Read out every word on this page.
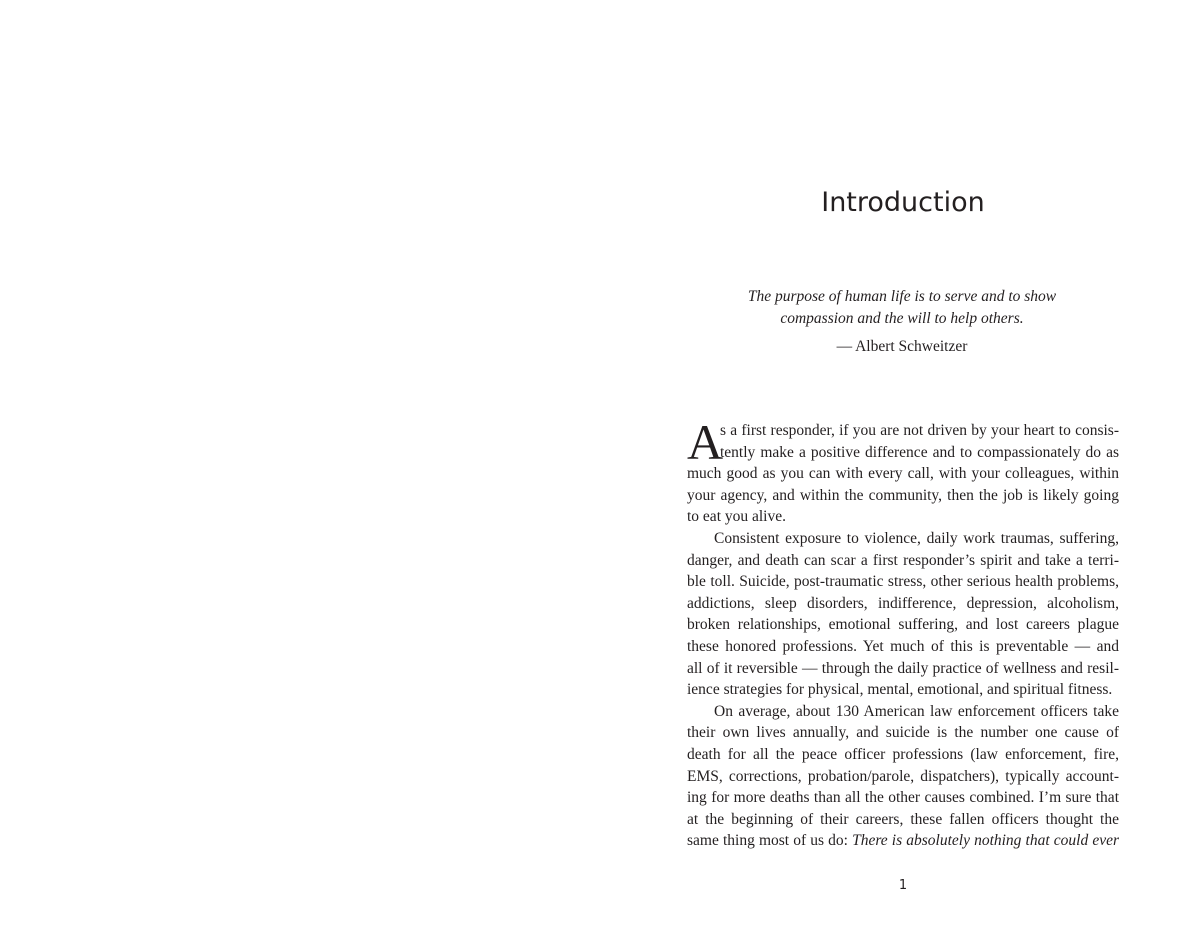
Introduction

The purpose of human life is to serve and to show
compassion and the will to help others.

— Albert Schweitzer

A
s a first responder, if you are not driven by your heart to consis-
tently make a positive difference and to compassionately do as
much good as you can with every call, with your colleagues, within
your agency, and within the community, then the job is likely going
to eat you alive.
Consistent exposure to violence, daily work traumas, suffering,
danger, and death can scar a first responder’s spirit and take a terri-
ble toll. Suicide, post-traumatic stress, other serious health problems,
addictions, sleep disorders, indifference, depression, alcoholism,
broken relationships, emotional suffering, and lost careers plague
these honored professions. Yet much of this is preventable — and
all of it reversible — through the daily practice of wellness and resil-
ience strategies for physical, mental, emotional, and spiritual fitness.
On average, about 130 American law enforcement officers take
their own lives annually, and suicide is the number one cause of
death for all the peace officer professions (law enforcement, fire,
EMS, corrections, probation/parole, dispatchers), typically account-
ing for more deaths than all the other causes combined. I’m sure that
at the beginning of their careers, these fallen officers thought the
same thing most of us do: There is absolutely nothing that could ever
1
